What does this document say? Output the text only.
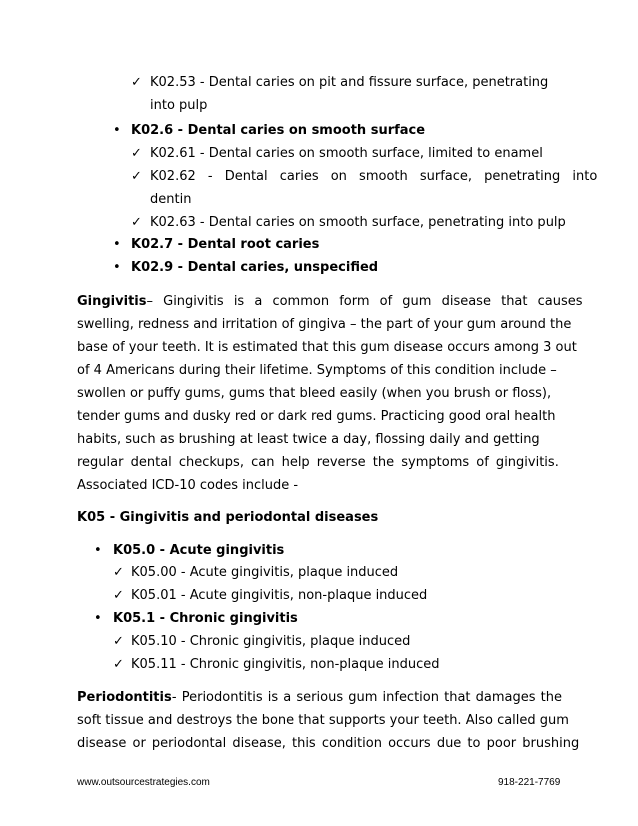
✓ K02.53 - Dental caries on pit and fissure surface, penetrating
into pulp
• K02.6 - Dental caries on smooth surface
✓ K02.61 - Dental caries on smooth surface, limited to enamel
✓ K02.62 - Dental caries on smooth surface, penetrating into
dentin
✓ K02.63 - Dental caries on smooth surface, penetrating into pulp
• K02.7 - Dental root caries
• K02.9 - Dental caries, unspecified
Gingivitis – Gingivitis is a common form of gum disease that causes
swelling, redness and irritation of gingiva – the part of your gum around the
base of your teeth. It is estimated that this gum disease occurs among 3 out
of 4 Americans during their lifetime. Symptoms of this condition include –
swollen or puffy gums, gums that bleed easily (when you brush or floss),
tender gums and dusky red or dark red gums. Practicing good oral health
habits, such as brushing at least twice a day, flossing daily and getting
regular dental checkups, can help reverse the symptoms of gingivitis.
Associated ICD-10 codes include -
K05 - Gingivitis and periodontal diseases
• K05.0 - Acute gingivitis
✓ K05.00 - Acute gingivitis, plaque induced
✓ K05.01 - Acute gingivitis, non-plaque induced
• K05.1 - Chronic gingivitis
✓ K05.10 - Chronic gingivitis, plaque induced
✓ K05.11 - Chronic gingivitis, non-plaque induced
Periodontitis - Periodontitis is a serious gum infection that damages the
soft tissue and destroys the bone that supports your teeth. Also called gum
disease or periodontal disease, this condition occurs due to poor brushing
www.outsourcestrategies.com	918-221-7769
